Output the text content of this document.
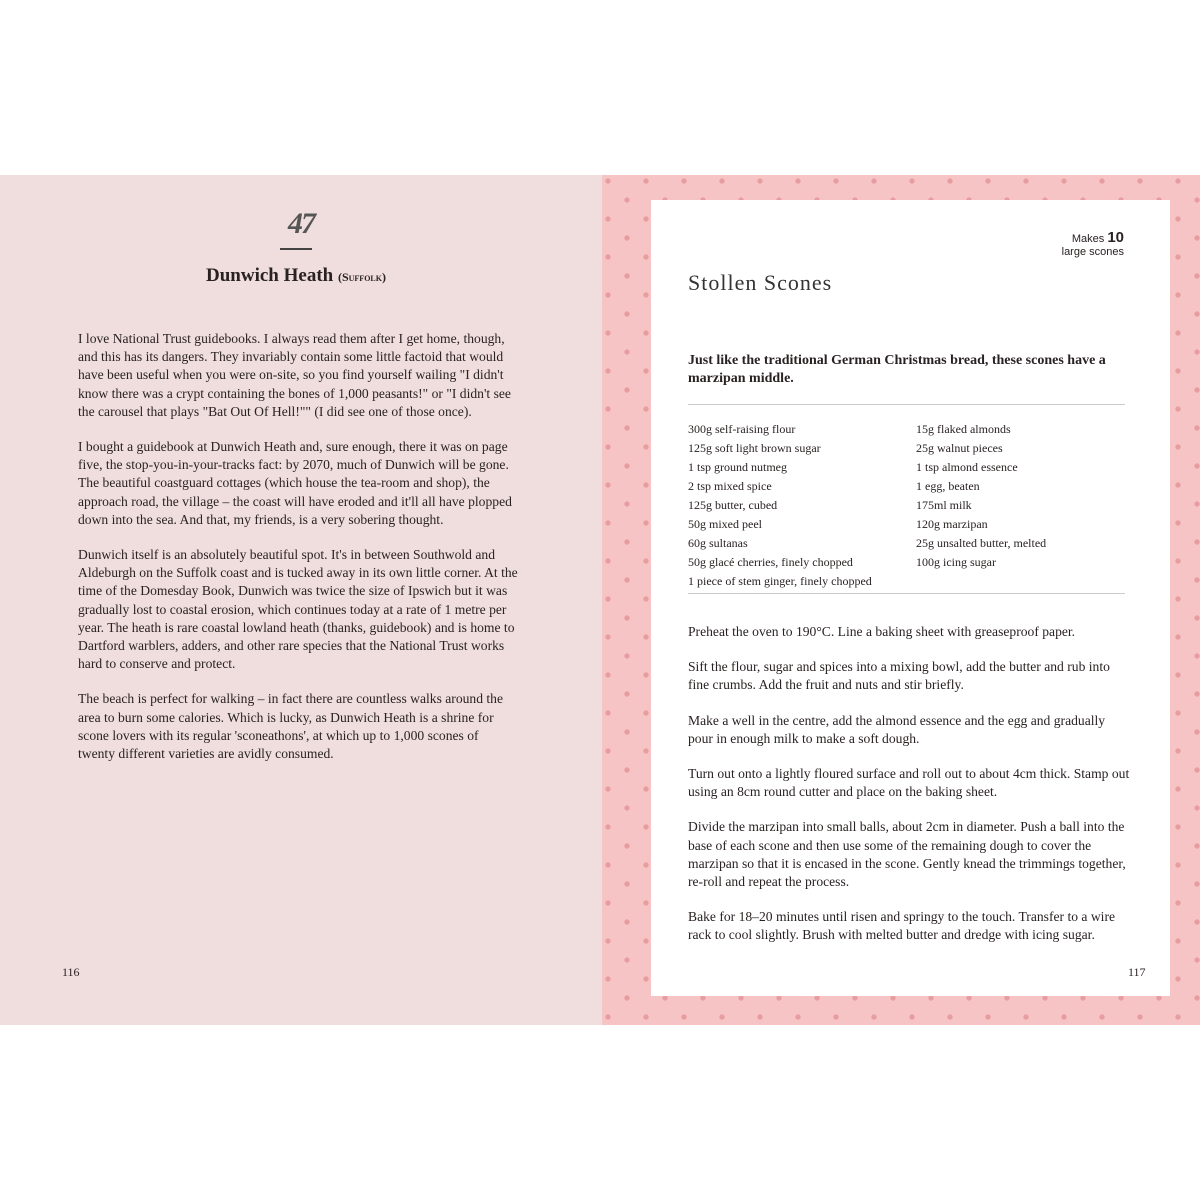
47
Dunwich Heath (Suffolk)

I love National Trust guidebooks. I always read them after I get home, though, and this has its dangers. They invariably contain some little factoid that would have been useful when you were on-site, so you find yourself wailing "I didn't know there was a crypt containing the bones of 1,000 peasants!" or "I didn't see the carousel that plays "Bat Out Of Hell!"" (I did see one of those once).

I bought a guidebook at Dunwich Heath and, sure enough, there it was on page five, the stop-you-in-your-tracks fact: by 2070, much of Dunwich will be gone. The beautiful coastguard cottages (which house the tea-room and shop), the approach road, the village – the coast will have eroded and it'll all have plopped down into the sea. And that, my friends, is a very sobering thought.

Dunwich itself is an absolutely beautiful spot. It's in between Southwold and Aldeburgh on the Suffolk coast and is tucked away in its own little corner. At the time of the Domesday Book, Dunwich was twice the size of Ipswich but it was gradually lost to coastal erosion, which continues today at a rate of 1 metre per year. The heath is rare coastal lowland heath (thanks, guidebook) and is home to Dartford warblers, adders, and other rare species that the National Trust works hard to conserve and protect.

The beach is perfect for walking – in fact there are countless walks around the area to burn some calories. Which is lucky, as Dunwich Heath is a shrine for scone lovers with its regular 'sconeathons', at which up to 1,000 scones of twenty different varieties are avidly consumed.

116
Makes 10
large scones
Stollen Scones
Just like the traditional German Christmas bread, these scones have a marzipan middle.
300g self-raising flour
125g soft light brown sugar
1 tsp ground nutmeg
2 tsp mixed spice
125g butter, cubed
50g mixed peel
60g sultanas
50g glacé cherries, finely chopped
1 piece of stem ginger, finely chopped
15g flaked almonds
25g walnut pieces
1 tsp almond essence
1 egg, beaten
175ml milk
120g marzipan
25g unsalted butter, melted
100g icing sugar

Preheat the oven to 190°C. Line a baking sheet with greaseproof paper.

Sift the flour, sugar and spices into a mixing bowl, add the butter and rub into fine crumbs. Add the fruit and nuts and stir briefly.

Make a well in the centre, add the almond essence and the egg and gradually pour in enough milk to make a soft dough.

Turn out onto a lightly floured surface and roll out to about 4cm thick. Stamp out using an 8cm round cutter and place on the baking sheet.

Divide the marzipan into small balls, about 2cm in diameter. Push a ball into the base of each scone and then use some of the remaining dough to cover the marzipan so that it is encased in the scone. Gently knead the trimmings together, re-roll and repeat the process.

Bake for 18–20 minutes until risen and springy to the touch. Transfer to a wire rack to cool slightly. Brush with melted butter and dredge with icing sugar.

117
